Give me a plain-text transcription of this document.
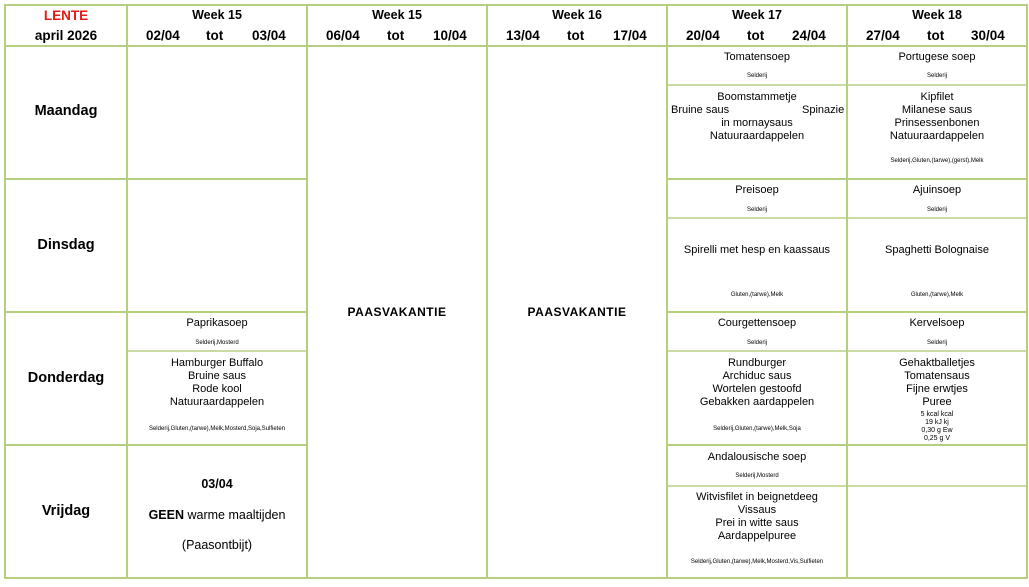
LENTE
april 2026
Week 15
02/04 tot 03/04
Week 15
06/04 tot 10/04
Week 16
13/04 tot 17/04
Week 17
20/04 tot 24/04
Week 18
27/04 tot 30/04
Maandag
Dinsdag
Donderdag
Vrijdag
PAASVAKANTIE	PAASVAKANTIE
Paprikasoep
Selderij,Mosterd
Hamburger Buffalo
Bruine saus
Rode kool
Natuuraardappelen
Selderij,Gluten,(tarwe),Melk,Mosterd,Soja,Sulfieten
03/04
GEEN warme maaltijden
(Paasontbijt)
Tomatensoep
Selderij
Boomstammetje
Bruine saus	Spinazie
in mornaysaus
Natuuraardappelen
Preisoep
Selderij
Spirelli met hesp en kaassaus
Gluten,(tarwe),Melk
Courgettensoep
Selderij
Rundburger
Archiduc saus
Wortelen gestoofd
Gebakken aardappelen
Selderij,Gluten,(tarwe),Melk,Soja
Andalousische soep
Selderij,Mosterd
Witvisfilet in beignetdeeg
Vissaus
Prei in witte saus
Aardappelpuree
Selderij,Gluten,(tarwe),Melk,Mosterd,Vis,Sulfieten
Portugese soep
Selderij
Kipfilet
Milanese saus
Prinsessenbonen
Natuuraardappelen
Selderij,Gluten,(tarwe),(gerst),Melk
Ajuinsoep
Selderij
Spaghetti Bolognaise
Gluten,(tarwe),Melk
Kervelsoep
Selderij
Gehaktballetjes
Tomatensaus
Fijne erwtjes
Puree
5 kcal kcal
19 kJ kj
0,30 g Ew
0,25 g V
